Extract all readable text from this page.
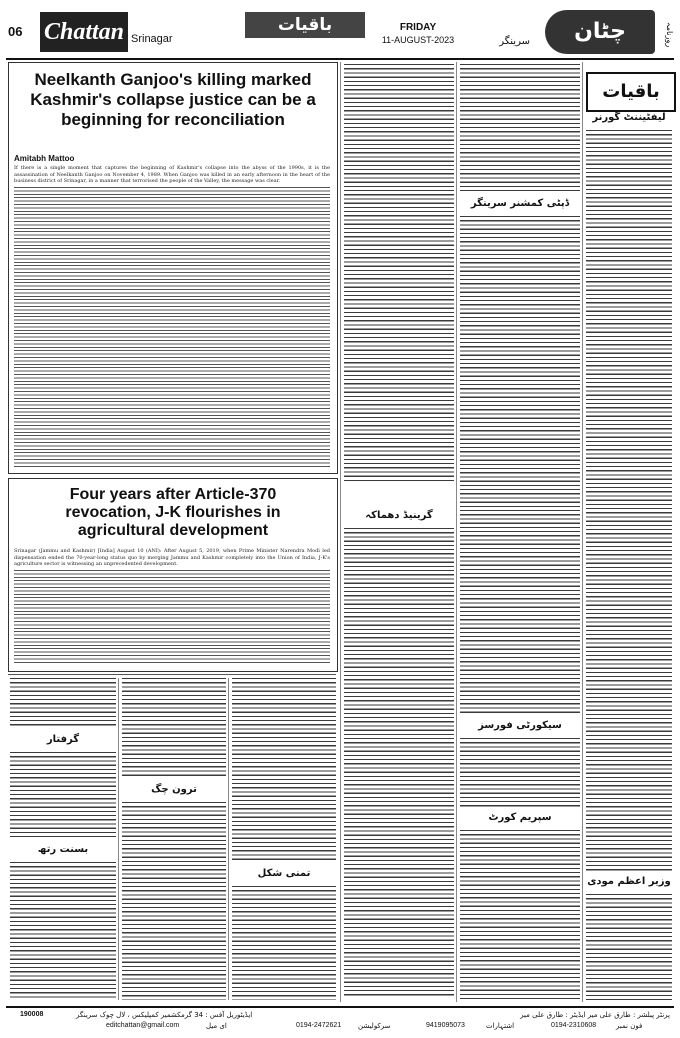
06 Chattan Srinagar
باقیات	FRIDAY
11-AUGUST-2023	سرینگر	چٹان	روزنامہ
Neelkanth Ganjoo's killing marked Kashmir's collapse justice can be a beginning for reconciliation
Amitabh Mattoo
If there is a single moment that captures the beginning of Kashmir's collapse into the abyss of the 1990s, it is the assassination of Neelkanth Ganjoo on November 4, 1989. When Ganjoo was killed in an early afternoon in the heart of the business district of Srinagar, in a manner that terrorised the people of the Valley, the message was clear.
Four years after Article-370 revocation, J-K flourishes in agricultural development
Srinagar (Jammu and Kashmir) [India] August 10 (ANI): After August 5, 2019, when Prime Minister Narendra Modi led dispensation ended the 70-year-long status quo by merging Jammu and Kashmir completely into the Union of India, J-K's agriculture sector is witnessing an unprecedented development.
باقیات
گرینیڈ دھماکہ
ڈپٹی کمشنر سرینگر
سیکورٹی فورسز
سپریم کورٹ
لیفٹیننٹ گورنر
وزیر اعظم مودی
تمنی شکل
ترون چگ
گرفتار
بسنت رتھ
پرنٹر پبلشر : طارق علی میر ایڈیٹر : طارق علی میر
0194-2310608	فون نمبر
9419095073	اشتہارات
0194-2472621 سرکولیشن
ایڈیٹوریل آفس : 34 گرمکشمیر کمپلیکس ، لال چوک سرینگر
190008
editchattan@gmail.com	ای میل
